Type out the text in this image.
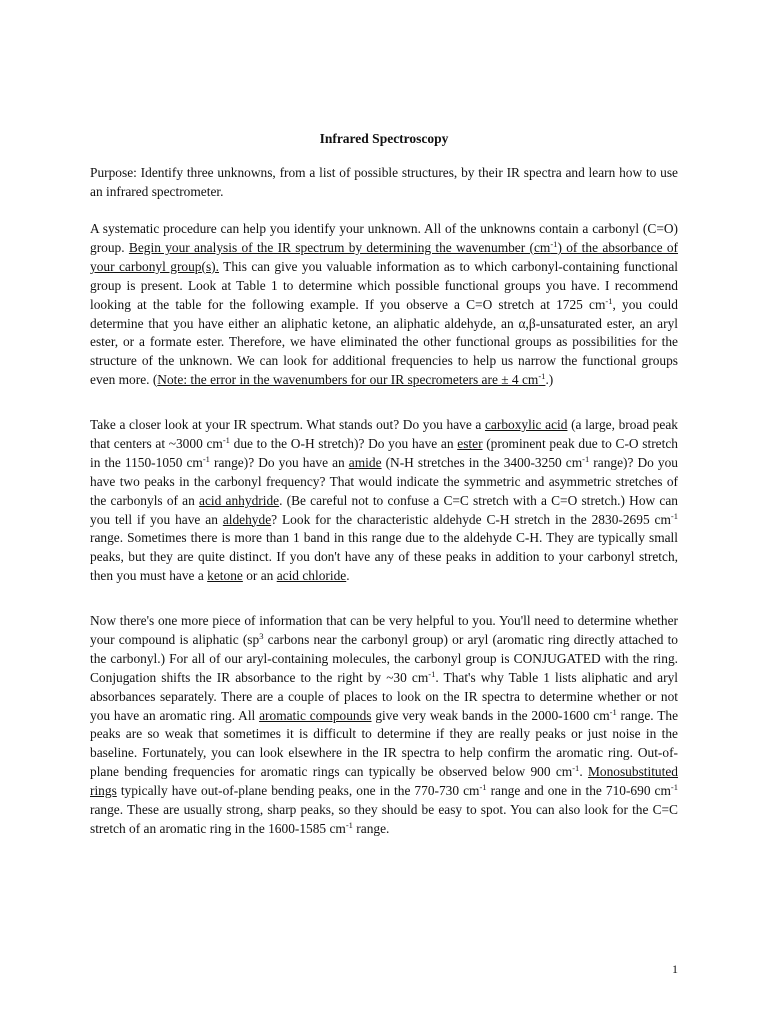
Infrared Spectroscopy

Purpose: Identify three unknowns, from a list of possible structures, by their IR spectra and learn how to use an infrared spectrometer.

A systematic procedure can help you identify your unknown. All of the unknowns contain a carbonyl (C=O) group. Begin your analysis of the IR spectrum by determining the wavenumber $(cm^{-1})$ of the absorbance of your carbonyl group(s). This can give you valuable information as to which carbonyl-containing functional group is present. Look at Table 1 to determine which possible functional groups you have. I recommend looking at the table for the following example. If you observe a C=O stretch at 1725 $cm^{-1}$, you could determine that you have either an aliphatic ketone, an aliphatic aldehyde, an α,β-unsaturated ester, an aryl ester, or a formate ester. Therefore, we have eliminated the other functional groups as possibilities for the structure of the unknown. We can look for additional frequencies to help us narrow the functional groups even more. (Note: the error in the wavenumbers for our IR specrometers are ± 4 $cm^{-1}$.)

Take a closer look at your IR spectrum. What stands out? Do you have a carboxylic acid (a large, broad peak that centers at ~3000 $cm^{-1}$ due to the O-H stretch)? Do you have an ester (prominent peak due to C-O stretch in the 1150-1050 $cm^{-1}$ range)? Do you have an amide (N-H stretches in the 3400-3250 $cm^{-1}$ range)? Do you have two peaks in the carbonyl frequency? That would indicate the symmetric and asymmetric stretches of the carbonyls of an acid anhydride. (Be careful not to confuse a C=C stretch with a C=O stretch.) How can you tell if you have an aldehyde? Look for the characteristic aldehyde C-H stretch in the 2830-2695 $cm^{-1}$ range. Sometimes there is more than 1 band in this range due to the aldehyde C-H. They are typically small peaks, but they are quite distinct. If you don't have any of these peaks in addition to your carbonyl stretch, then you must have a ketone or an acid chloride.

Now there's one more piece of information that can be very helpful to you. You'll need to determine whether your compound is aliphatic ($sp^3$ carbons near the carbonyl group) or aryl (aromatic ring directly attached to the carbonyl.) For all of our aryl-containing molecules, the carbonyl group is CONJUGATED with the ring. Conjugation shifts the IR absorbance to the right by ~30 $cm^{-1}$. That's why Table 1 lists aliphatic and aryl absorbances separately. There are a couple of places to look on the IR spectra to determine whether or not you have an aromatic ring. All aromatic compounds give very weak bands in the 2000-1600 $cm^{-1}$ range. The peaks are so weak that sometimes it is difficult to determine if they are really peaks or just noise in the baseline. Fortunately, you can look elsewhere in the IR spectra to help confirm the aromatic ring. Out-of-plane bending frequencies for aromatic rings can typically be observed below 900 $cm^{-1}$. Monosubstituted rings typically have out-of-plane bending peaks, one in the 770-730 $cm^{-1}$ range and one in the 710-690 $cm^{-1}$ range. These are usually strong, sharp peaks, so they should be easy to spot. You can also look for the C=C stretch of an aromatic ring in the 1600-1585 $cm^{-1}$ range.

1
